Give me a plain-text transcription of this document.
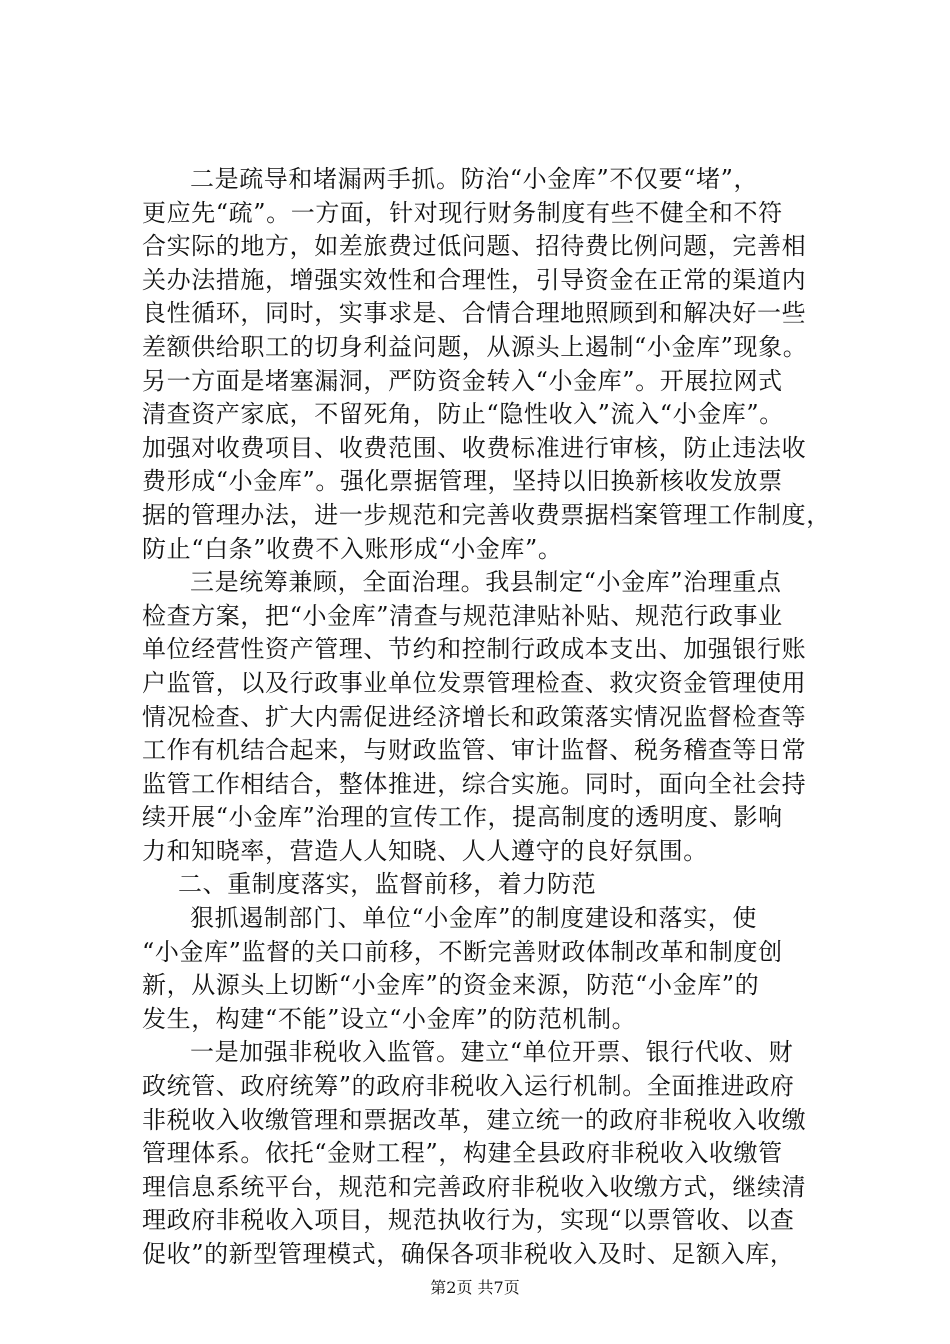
二是疏导和堵漏两手抓。防治“小金库”不仅要“堵”，
更应先“疏”。一方面，针对现行财务制度有些不健全和不符
合实际的地方，如差旅费过低问题、招待费比例问题，完善相
关办法措施，增强实效性和合理性，引导资金在正常的渠道内
良性循环，同时，实事求是、合情合理地照顾到和解决好一些
差额供给职工的切身利益问题，从源头上遏制“小金库”现象。
另一方面是堵塞漏洞，严防资金转入“小金库”。开展拉网式
清查资产家底，不留死角，防止“隐性收入”流入“小金库”。
加强对收费项目、收费范围、收费标准进行审核，防止违法收
费形成“小金库”。强化票据管理，坚持以旧换新核收发放票
据的管理办法，进一步规范和完善收费票据档案管理工作制度，
防止“白条”收费不入账形成“小金库”。
三是统筹兼顾，全面治理。我县制定“小金库”治理重点
检查方案，把“小金库”清查与规范津贴补贴、规范行政事业
单位经营性资产管理、节约和控制行政成本支出、加强银行账
户监管，以及行政事业单位发票管理检查、救灾资金管理使用
情况检查、扩大内需促进经济增长和政策落实情况监督检查等
工作有机结合起来，与财政监管、审计监督、税务稽查等日常
监管工作相结合，整体推进，综合实施。同时，面向全社会持
续开展“小金库”治理的宣传工作，提高制度的透明度、影响
力和知晓率，营造人人知晓、人人遵守的良好氛围。
二、重制度落实，监督前移，着力防范
狠抓遏制部门、单位“小金库”的制度建设和落实，使
“小金库”监督的关口前移，不断完善财政体制改革和制度创
新，从源头上切断“小金库”的资金来源，防范“小金库”的
发生，构建“不能”设立“小金库”的防范机制。
一是加强非税收入监管。建立“单位开票、银行代收、财
政统管、政府统筹”的政府非税收入运行机制。全面推进政府
非税收入收缴管理和票据改革，建立统一的政府非税收入收缴
管理体系。依托“金财工程”，构建全县政府非税收入收缴管
理信息系统平台，规范和完善政府非税收入收缴方式，继续清
理政府非税收入项目，规范执收行为，实现“以票管收、以查
促收”的新型管理模式，确保各项非税收入及时、足额入库，
第2页 共7页
